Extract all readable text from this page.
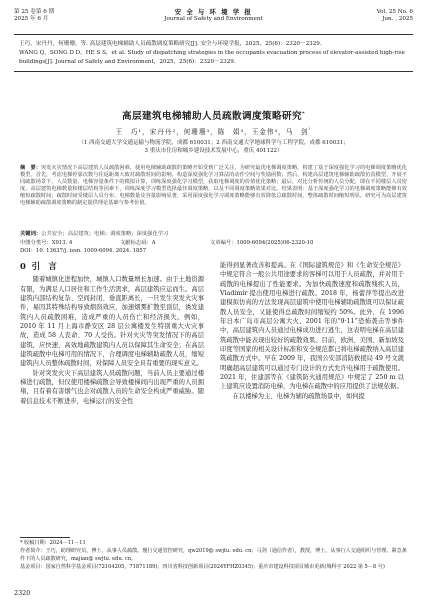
第 25 卷第 6 期
2025 年 6 月
安 全 与 环 境 学 报
Journal of Safety and Environment
Vol. 25 No. 6
Jun. , 2025
王巧，宋丹丹，何珊珊，等. 高层建筑电梯辅助人员疏散调度策略研究[J]. 安全与环境学报，2025，25(6)：2320－2329.
WANG Q，SONG D D，HE S S，et al. Study of dispatching strategies in the occupants evacuation process of elevator-assisted high-rise
buildings[J]. Journal of Safety and Environment，2025，25(6)：2320－2329.
高层建筑电梯辅助人员疏散调度策略研究*
王　巧¹，宋丹丹²，何珊珊³，陈　娟³，王金伟³，马　剑$^{^1}$
（1 西南交通大学交通运输与物流学院，成都 610031；2 西南交通大学地球科学与工程学院，成都 610031；
3 重庆市住房和城乡建设技术发展中心，重庆 401122）
摘　要：突发火灾情况下高层建筑人员疏散困难，使用电梯辅助疏散的策略开始受到广泛关注。为研究最优电梯调度策略，构建了基于深度强化学习的电梯调度策略优化模型。首先，考虑电梯停靠次数与往返距离大致对疏散时间的影响，构造深度强化学习算法的动作空间与奖励函数；然后，构建高层建筑电梯辅助疏散仿真模型，开展不同疏散场景下，人员数量、电梯容量条件下的模拟计算，训练深度强化学习模型，获取电梯调度的价值优化策略；最后，对比分析传统的人员分配，即在不同楼层人员密度、高层建筑电梯数量和楼层结构等因素下，训练深度学习模型选择最佳调度策略，以及不同调度策略效果对比。结果表明：基于深度强化学习的电梯调度策略能够有效缩短疏散时间；疏散时间受楼层人员分布、电梯数量及容量影响显著，采用深度强化学习调度策略能够有效降低总疏散时间，整体疏散时间缩短明显。研究可为高层建筑电梯辅助疏散调度策略的制定提供理论基础与参考价值。
关键词：公共安全；高层建筑；电梯；调度策略；深度强化学习
中图分类号：X913. 4	文献标志码：A	文章编号：1009-6094(2025)06-2320-10
DOI：10. 13637/j. issn. 1009-6094. 2024. 1857
0 引　言

随着城镇化进程加快，城镇人口数量增长加速。由于土地资源有限，为满足人口居住和工作生活需求，高层建筑应运而生。高层建筑内部结构复杂、空间封闭、垂直距离长，一旦发生突发火灾事件，易因其特殊结构导致烟囱效应，加速烟雾扩散至顶层，诱发建筑内人员疏散困难，造成严重的人员伤亡和经济损失。例如，2010 年 11 月上海市静安区 28 层公寓楼发生特别重大火灾事故，造成 58 人丧命、70 人受伤。针对火灾等突发情况下的高层建筑，应快速、高效地疏散建筑内人员以保障其生命安全；在高层建筑疏散中电梯可用的情况下，合理调度电梯辅助疏散人员，缩短建筑内人员整体疏散时间，对保障人员安全具有重要的现实意义。

针对突发火灾下高层建筑人员疏散问题，当前人员主要通过楼梯进行疏散，但仅使用楼梯疏散会导致楼梯间内出现严重的人员拥堵，且有着有害烟气也会对疏散人员的生命安全构成严重威胁。随着信息技术不断进步，电梯运行的安全性

能得到显著改善和提高。在《国际建筑规范》和《生命安全规范》中规定符合一般公共用途要求的客梯可以用于人员疏散，并对用于疏散的电梯提出了性能要求。为加快疏散速度和疏散残疾人员，Vladimir 提出使用电梯进行疏散。2018 年，杨蕾萍等提出改进建模拟仿真的方法发现高层建筑中使用电梯辅助疏散既可以保证疏散人员安全，又能使得总疏散时间缩短约 50%。此外，在 1996 年日本广岛市高层公寓大火、2001 年的“9·11”恐怖袭击等事件中，高层建筑内人员通过电梯成功进行逃生，这表明电梯在高层建筑疏散中能表现出较好的疏散效果。目前，欧洲、美国、新加坡及印度等国家的相关设计标准和安全规范都已将电梯疏散纳入高层建筑疏散方式中。早在 2009 年，我国公安部消防救援局 49 号文就明确超高层建筑可以通过专门设计的方式允许电梯用于疏散使用。2021 年，住建部等在《建筑防火通用规范》中规定了 250 m 以上建筑应设置消防电梯，为电梯在疏散中的应用提供了法规依据。

在以楼梯为主、电梯为辅的疏散场景中，如何提

* 收稿日期：2024－11－11
作者简介：王巧，助理研究员，博士，从事人员疏散、慢行交通管控研究，qw2019@ swjtu. edu. cn；马剑（通信作者），教授，博士，从事行人交通组织与管理、紧急条件下的人员疏散研究，majian@ swjtu. edu. cn。
基金项目：国家自然科学基金项目(72104205，71871189)；四川省科技创新项目(2024YFHZ0345)；重庆市建设科技项目城市更新(城科字 2022 第 5－8 号)
2320
